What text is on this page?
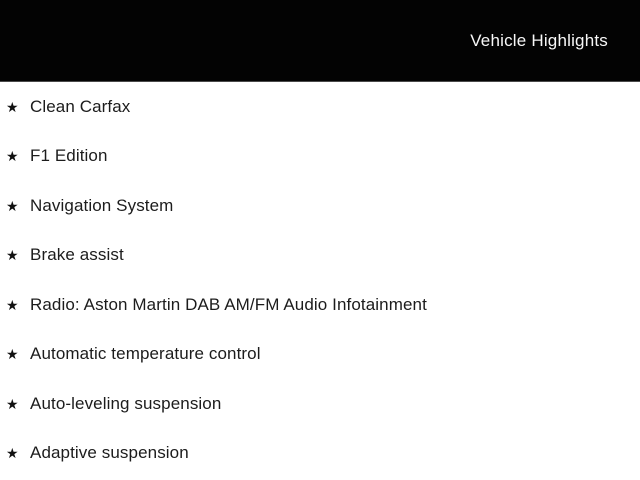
Vehicle Highlights
★ Clean Carfax
★ F1 Edition
★ Navigation System
★ Brake assist
★ Radio: Aston Martin DAB AM/FM Audio Infotainment
★ Automatic temperature control
★ Auto-leveling suspension
★ Adaptive suspension
